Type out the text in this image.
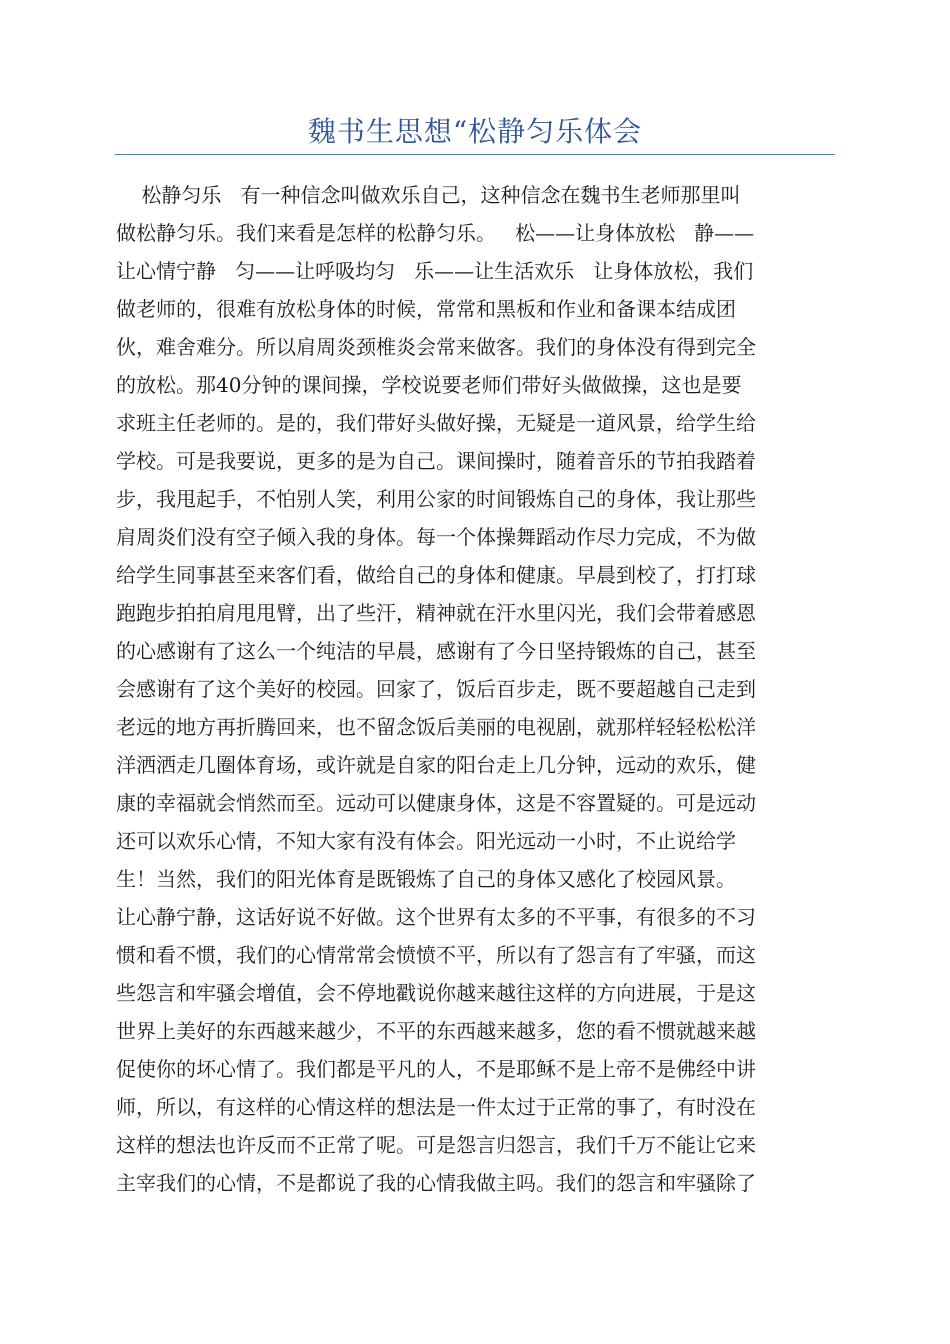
魏书生思想“松静匀乐体会
松静匀乐   有一种信念叫做欢乐自己，这种信念在魏书生老师那里叫
做松静匀乐。我们来看是怎样的松静匀乐。   松——让身体放松   静——
让心情宁静   匀——让呼吸均匀   乐——让生活欢乐   让身体放松，我们
做老师的，很难有放松身体的时候，常常和黑板和作业和备课本结成团
伙，难舍难分。所以肩周炎颈椎炎会常来做客。我们的身体没有得到完全
的放松。那40分钟的课间操，学校说要老师们带好头做做操，这也是要
求班主任老师的。是的，我们带好头做好操，无疑是一道风景，给学生给
学校。可是我要说，更多的是为自己。课间操时，随着音乐的节拍我踏着
步，我甩起手，不怕别人笑，利用公家的时间锻炼自己的身体，我让那些
肩周炎们没有空子倾入我的身体。每一个体操舞蹈动作尽力完成，不为做
给学生同事甚至来客们看，做给自己的身体和健康。早晨到校了，打打球
跑跑步拍拍肩甩甩臂，出了些汗，精神就在汗水里闪光，我们会带着感恩
的心感谢有了这么一个纯洁的早晨，感谢有了今日坚持锻炼的自己，甚至
会感谢有了这个美好的校园。回家了，饭后百步走，既不要超越自己走到
老远的地方再折腾回来，也不留念饭后美丽的电视剧，就那样轻轻松松洋
洋洒洒走几圈体育场，或许就是自家的阳台走上几分钟，远动的欢乐，健
康的幸福就会悄然而至。远动可以健康身体，这是不容置疑的。可是远动
还可以欢乐心情，不知大家有没有体会。阳光远动一小时，不止说给学
生！当然，我们的阳光体育是既锻炼了自己的身体又感化了校园风景。
让心静宁静，这话好说不好做。这个世界有太多的不平事，有很多的不习
惯和看不惯，我们的心情常常会愤愤不平，所以有了怨言有了牢骚，而这
些怨言和牢骚会增值，会不停地戳说你越来越往这样的方向进展，于是这
世界上美好的东西越来越少，不平的东西越来越多，您的看不惯就越来越
促使你的坏心情了。我们都是平凡的人，不是耶稣不是上帝不是佛经中讲
师，所以，有这样的心情这样的想法是一件太过于正常的事了，有时没在
这样的想法也许反而不正常了呢。可是怨言归怨言，我们千万不能让它来
主宰我们的心情，不是都说了我的心情我做主吗。我们的怨言和牢骚除了
